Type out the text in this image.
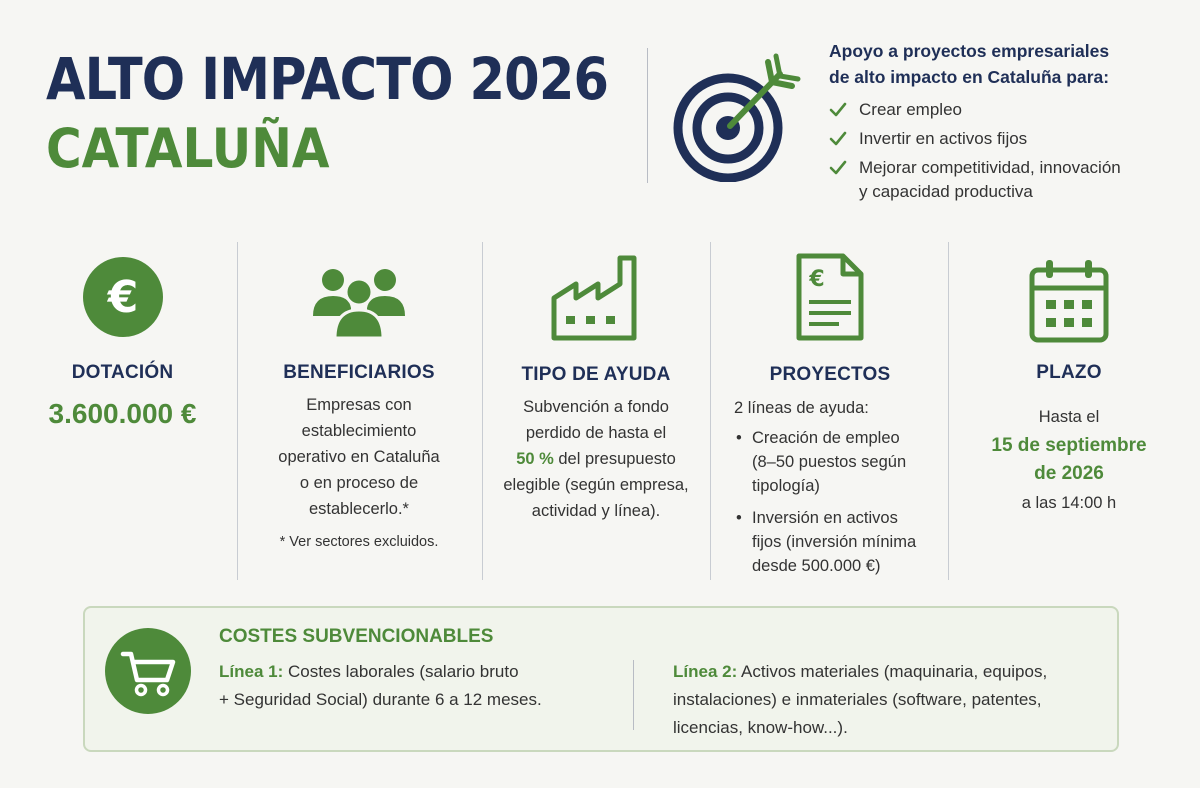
ALTO IMPACTO 2026
CATALUÑA
Apoyo a proyectos empresariales
de alto impacto en Cataluña para:
Crear empleo
Invertir en activos fijos
Mejorar competitividad, innovación
y capacidad productiva
€
DOTACIÓN
3.600.000 €
BENEFICIARIOS
Empresas con
establecimiento
operativo en Cataluña
o en proceso de
establecerlo.*
* Ver sectores excluidos.
TIPO DE AYUDA
Subvención a fondo
perdido de hasta el
50 % del presupuesto
elegible (según empresa,
actividad y línea).
€
PROYECTOS
2 líneas de ayuda:
• Creación de empleo
(8–50 puestos según
tipología)
• Inversión en activos
fijos (inversión mínima
desde 500.000 €)
PLAZO
Hasta el
15 de septiembre
de 2026
a las 14:00 h
COSTES SUBVENCIONABLES
Línea 1: Costes laborales (salario bruto
+ Seguridad Social) durante 6 a 12 meses.
Línea 2: Activos materiales (maquinaria, equipos,
instalaciones) e inmateriales (software, patentes,
licencias, know-how...).
